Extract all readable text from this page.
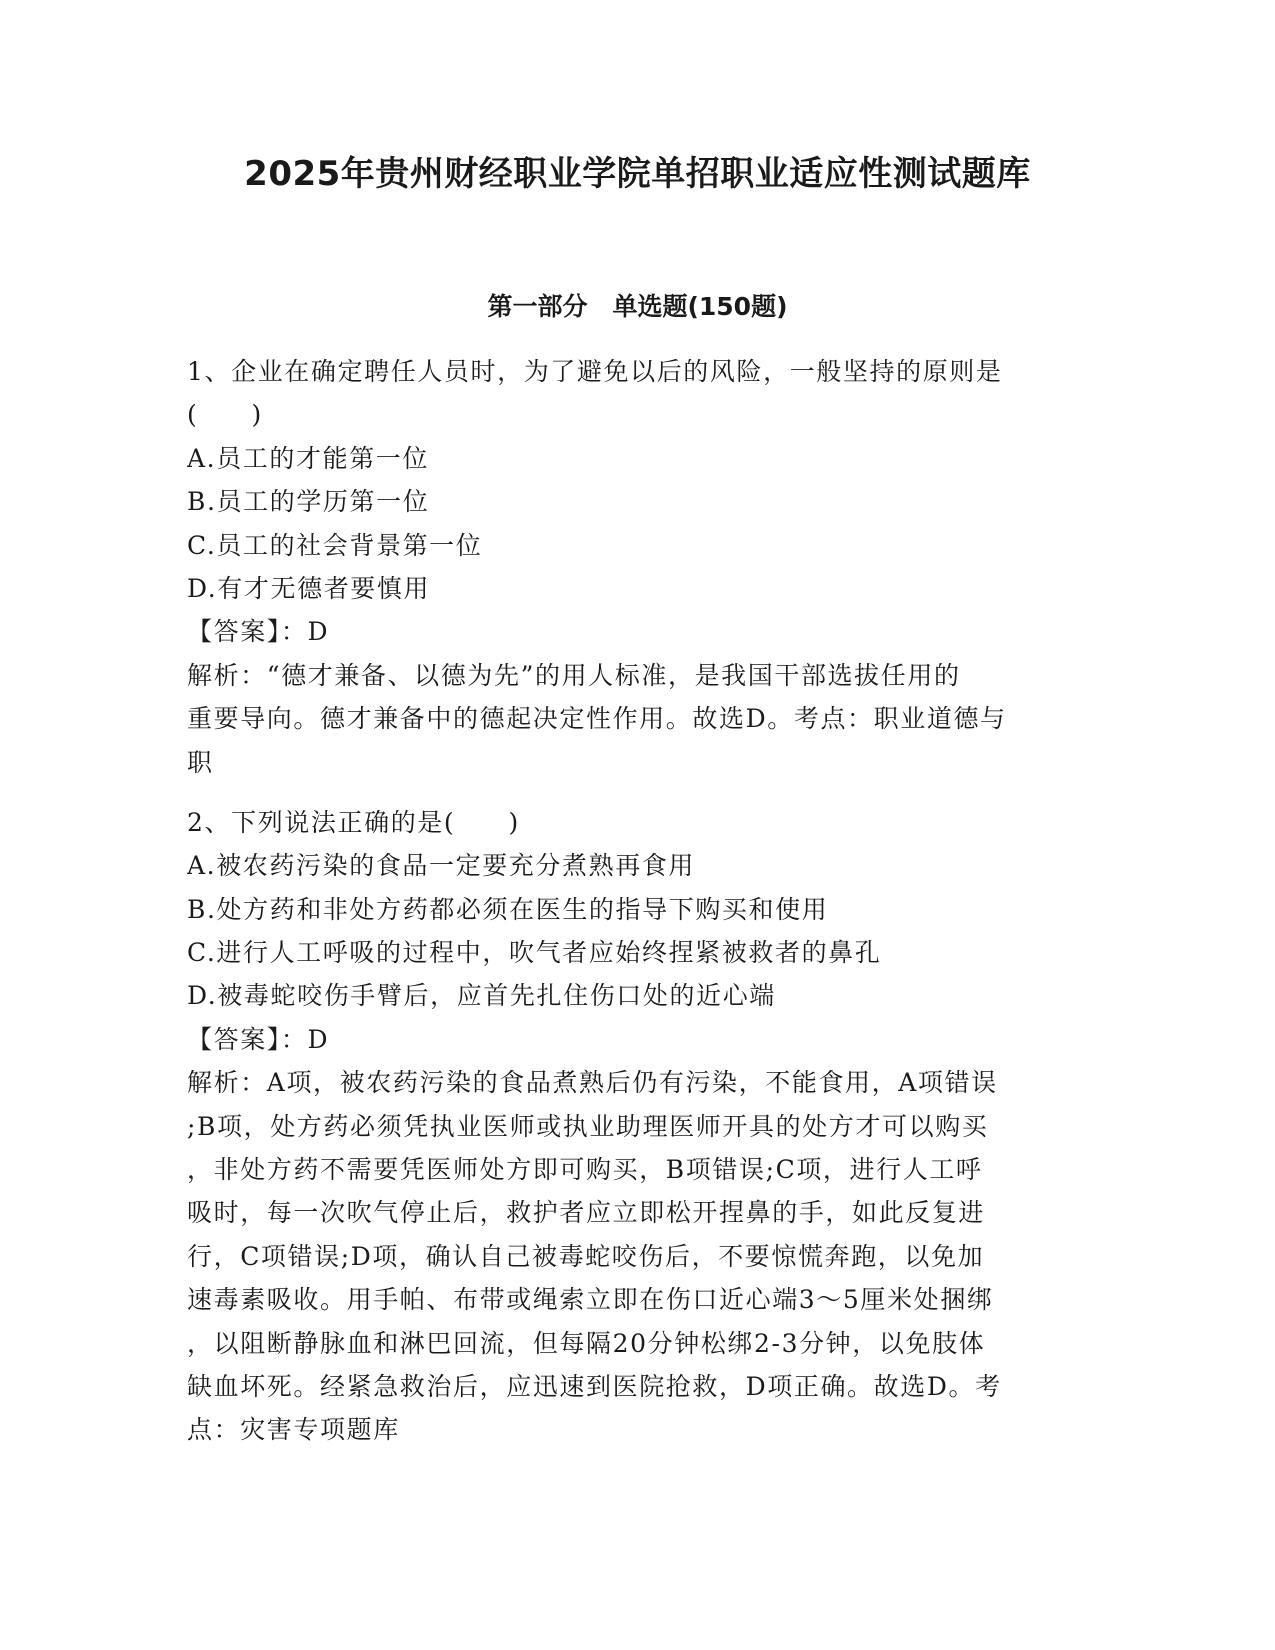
2025年贵州财经职业学院单招职业适应性测试题库
第一部分　单选题(150题)
1、企业在确定聘任人员时，为了避免以后的风险，一般坚持的原则是
(　　)
A.员工的才能第一位
B.员工的学历第一位
C.员工的社会背景第一位
D.有才无德者要慎用
【答案】：D
解析：“德才兼备、以德为先”的用人标准，是我国干部选拔任用的
重要导向。德才兼备中的德起决定性作用。故选D。考点：职业道德与
职
2、下列说法正确的是(　　)
A.被农药污染的食品一定要充分煮熟再食用
B.处方药和非处方药都必须在医生的指导下购买和使用
C.进行人工呼吸的过程中，吹气者应始终捏紧被救者的鼻孔
D.被毒蛇咬伤手臂后，应首先扎住伤口处的近心端
【答案】：D
解析：A项，被农药污染的食品煮熟后仍有污染，不能食用，A项错误
;B项，处方药必须凭执业医师或执业助理医师开具的处方才可以购买
，非处方药不需要凭医师处方即可购买，B项错误;C项，进行人工呼
吸时，每一次吹气停止后，救护者应立即松开捏鼻的手，如此反复进
行，C项错误;D项，确认自己被毒蛇咬伤后，不要惊慌奔跑，以免加
速毒素吸收。用手帕、布带或绳索立即在伤口近心端3～5厘米处捆绑
，以阻断静脉血和淋巴回流，但每隔20分钟松绑2-3分钟，以免肢体
缺血坏死。经紧急救治后，应迅速到医院抢救，D项正确。故选D。考
点：灾害专项题库
